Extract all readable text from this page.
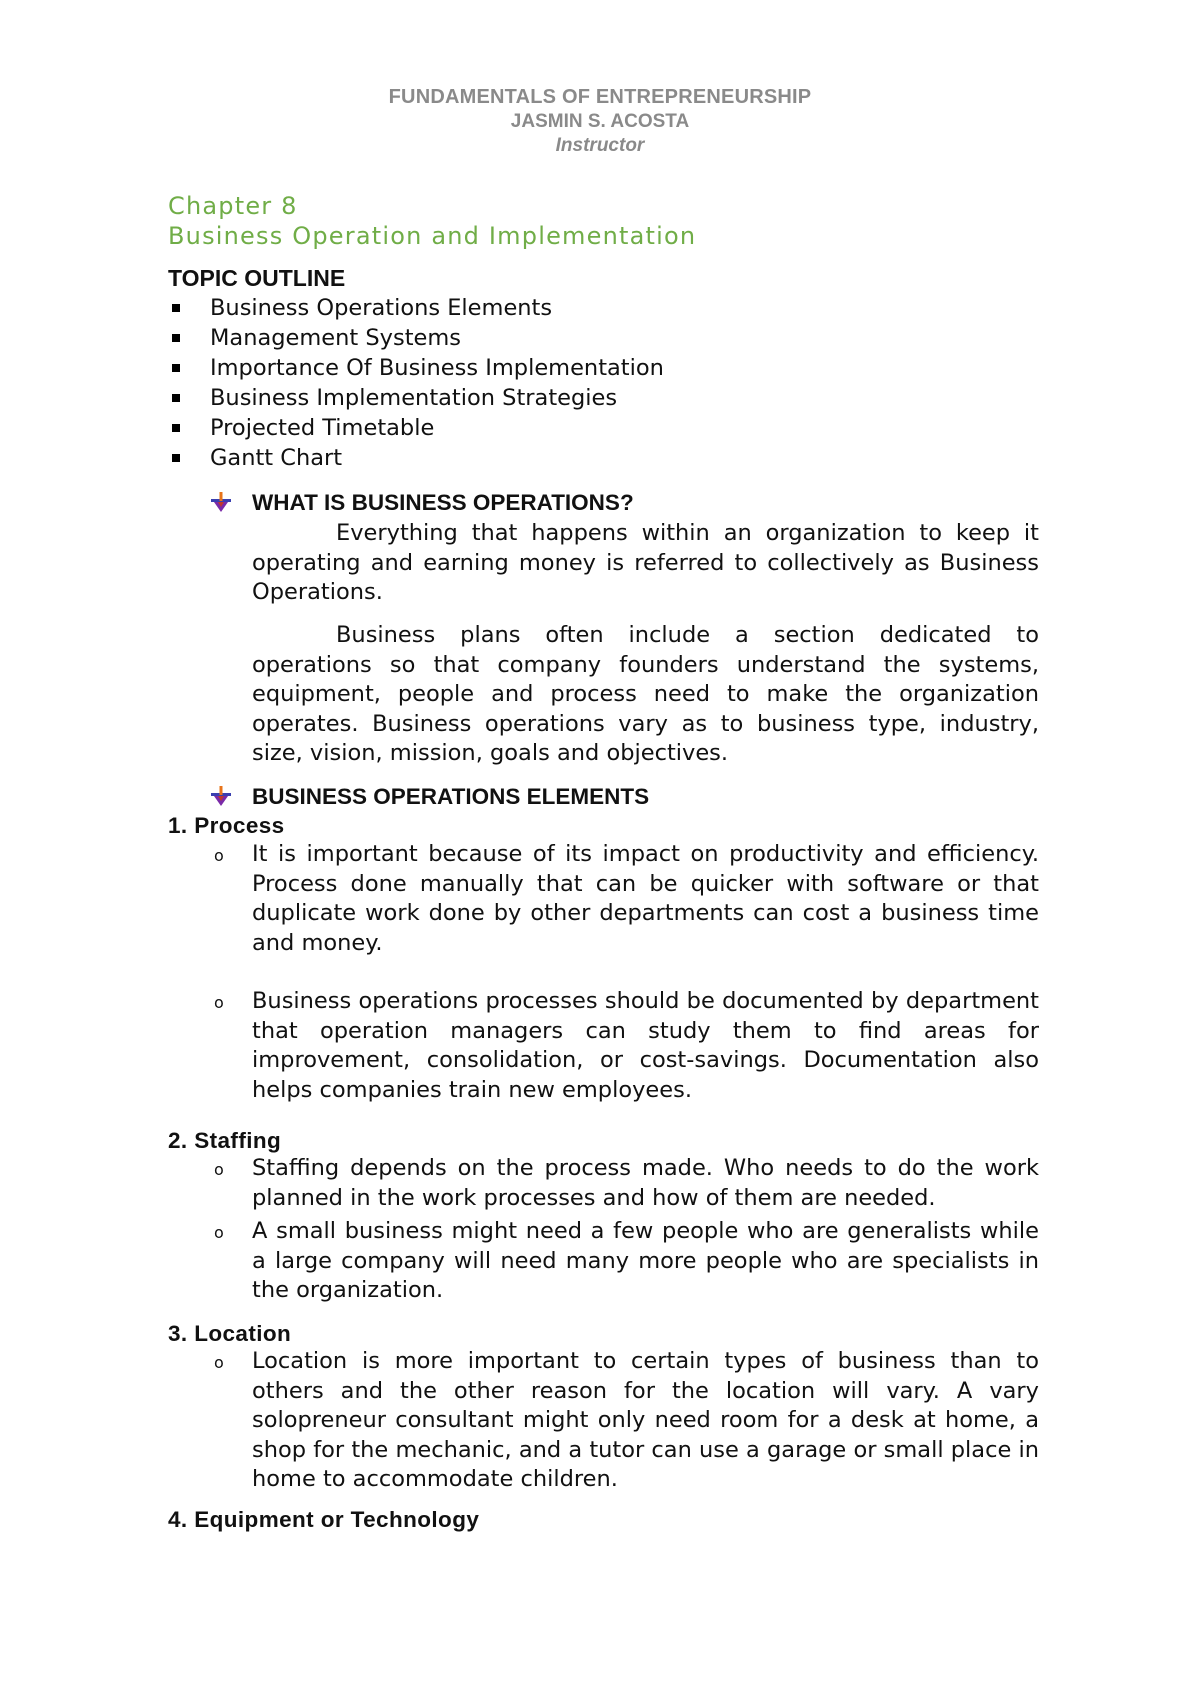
FUNDAMENTALS OF ENTREPRENEURSHIP
JASMIN S. ACOSTA
Instructor
Chapter 8
Business Operation and Implementation
TOPIC OUTLINE
Business Operations Elements
Management Systems
Importance Of Business Implementation
Business Implementation Strategies
Projected Timetable
Gantt Chart
WHAT IS BUSINESS OPERATIONS?
Everything that happens within an organization to keep it operating and earning money is referred to collectively as Business Operations.
Business plans often include a section dedicated to operations so that company founders understand the systems, equipment, people and process need to make the organization operates. Business operations vary as to business type, industry, size, vision, mission, goals and objectives.
BUSINESS OPERATIONS ELEMENTS
1. Process
o It is important because of its impact on productivity and efficiency. Process done manually that can be quicker with software or that duplicate work done by other departments can cost a business time and money.
o Business operations processes should be documented by department that operation managers can study them to find areas for improvement, consolidation, or cost-savings. Documentation also helps companies train new employees.
2. Staffing
o Staffing depends on the process made. Who needs to do the work planned in the work processes and how of them are needed.
o A small business might need a few people who are generalists while a large company will need many more people who are specialists in the organization.
3. Location
o Location is more important to certain types of business than to others and the other reason for the location will vary. A vary solopreneur consultant might only need room for a desk at home, a shop for the mechanic, and a tutor can use a garage or small place in home to accommodate children.
4. Equipment or Technology
